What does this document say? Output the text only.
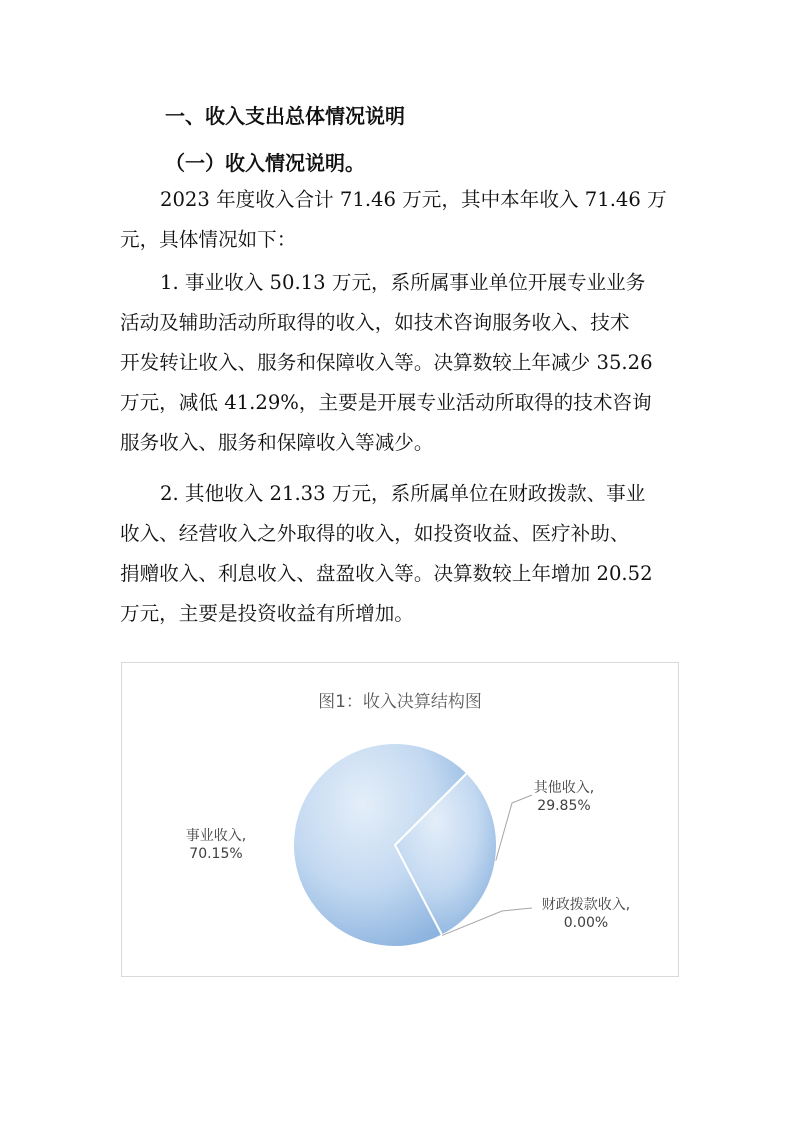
一、收入支出总体情况说明
（一）收入情况说明。
2023 年度收入合计 71.46 万元，其中本年收入 71.46 万
元，具体情况如下：
1. 事业收入 50.13 万元，系所属事业单位开展专业业务
活动及辅助活动所取得的收入，如技术咨询服务收入、技术
开发转让收入、服务和保障收入等。决算数较上年减少 35.26
万元，减低 41.29%，主要是开展专业活动所取得的技术咨询
服务收入、服务和保障收入等减少。
2. 其他收入 21.33 万元，系所属单位在财政拨款、事业
收入、经营收入之外取得的收入，如投资收益、医疗补助、
捐赠收入、利息收入、盘盈收入等。决算数较上年增加 20.52
万元，主要是投资收益有所增加。
图1：收入决算结构图
事业收入,
70.15%
其他收入,
29.85%
财政拨款收入,
0.00%
